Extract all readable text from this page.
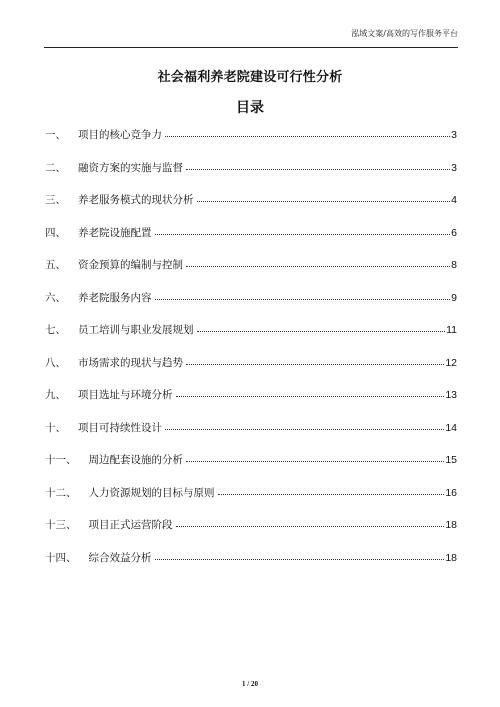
泓域文案/高效的写作服务平台
社会福利养老院建设可行性分析
目录
一、 项目的核心竞争力	3
二、 融资方案的实施与监督	3
三、 养老服务模式的现状分析	4
四、 养老院设施配置	6
五、 资金预算的编制与控制	8
六、 养老院服务内容	9
七、 员工培训与职业发展规划	11
八、 市场需求的现状与趋势	12
九、 项目选址与环境分析	13
十、 项目可持续性设计	14
十一、 周边配套设施的分析	15
十二、 人力资源规划的目标与原则	16
十三、 项目正式运营阶段	18
十四、 综合效益分析	18
1 / 20
